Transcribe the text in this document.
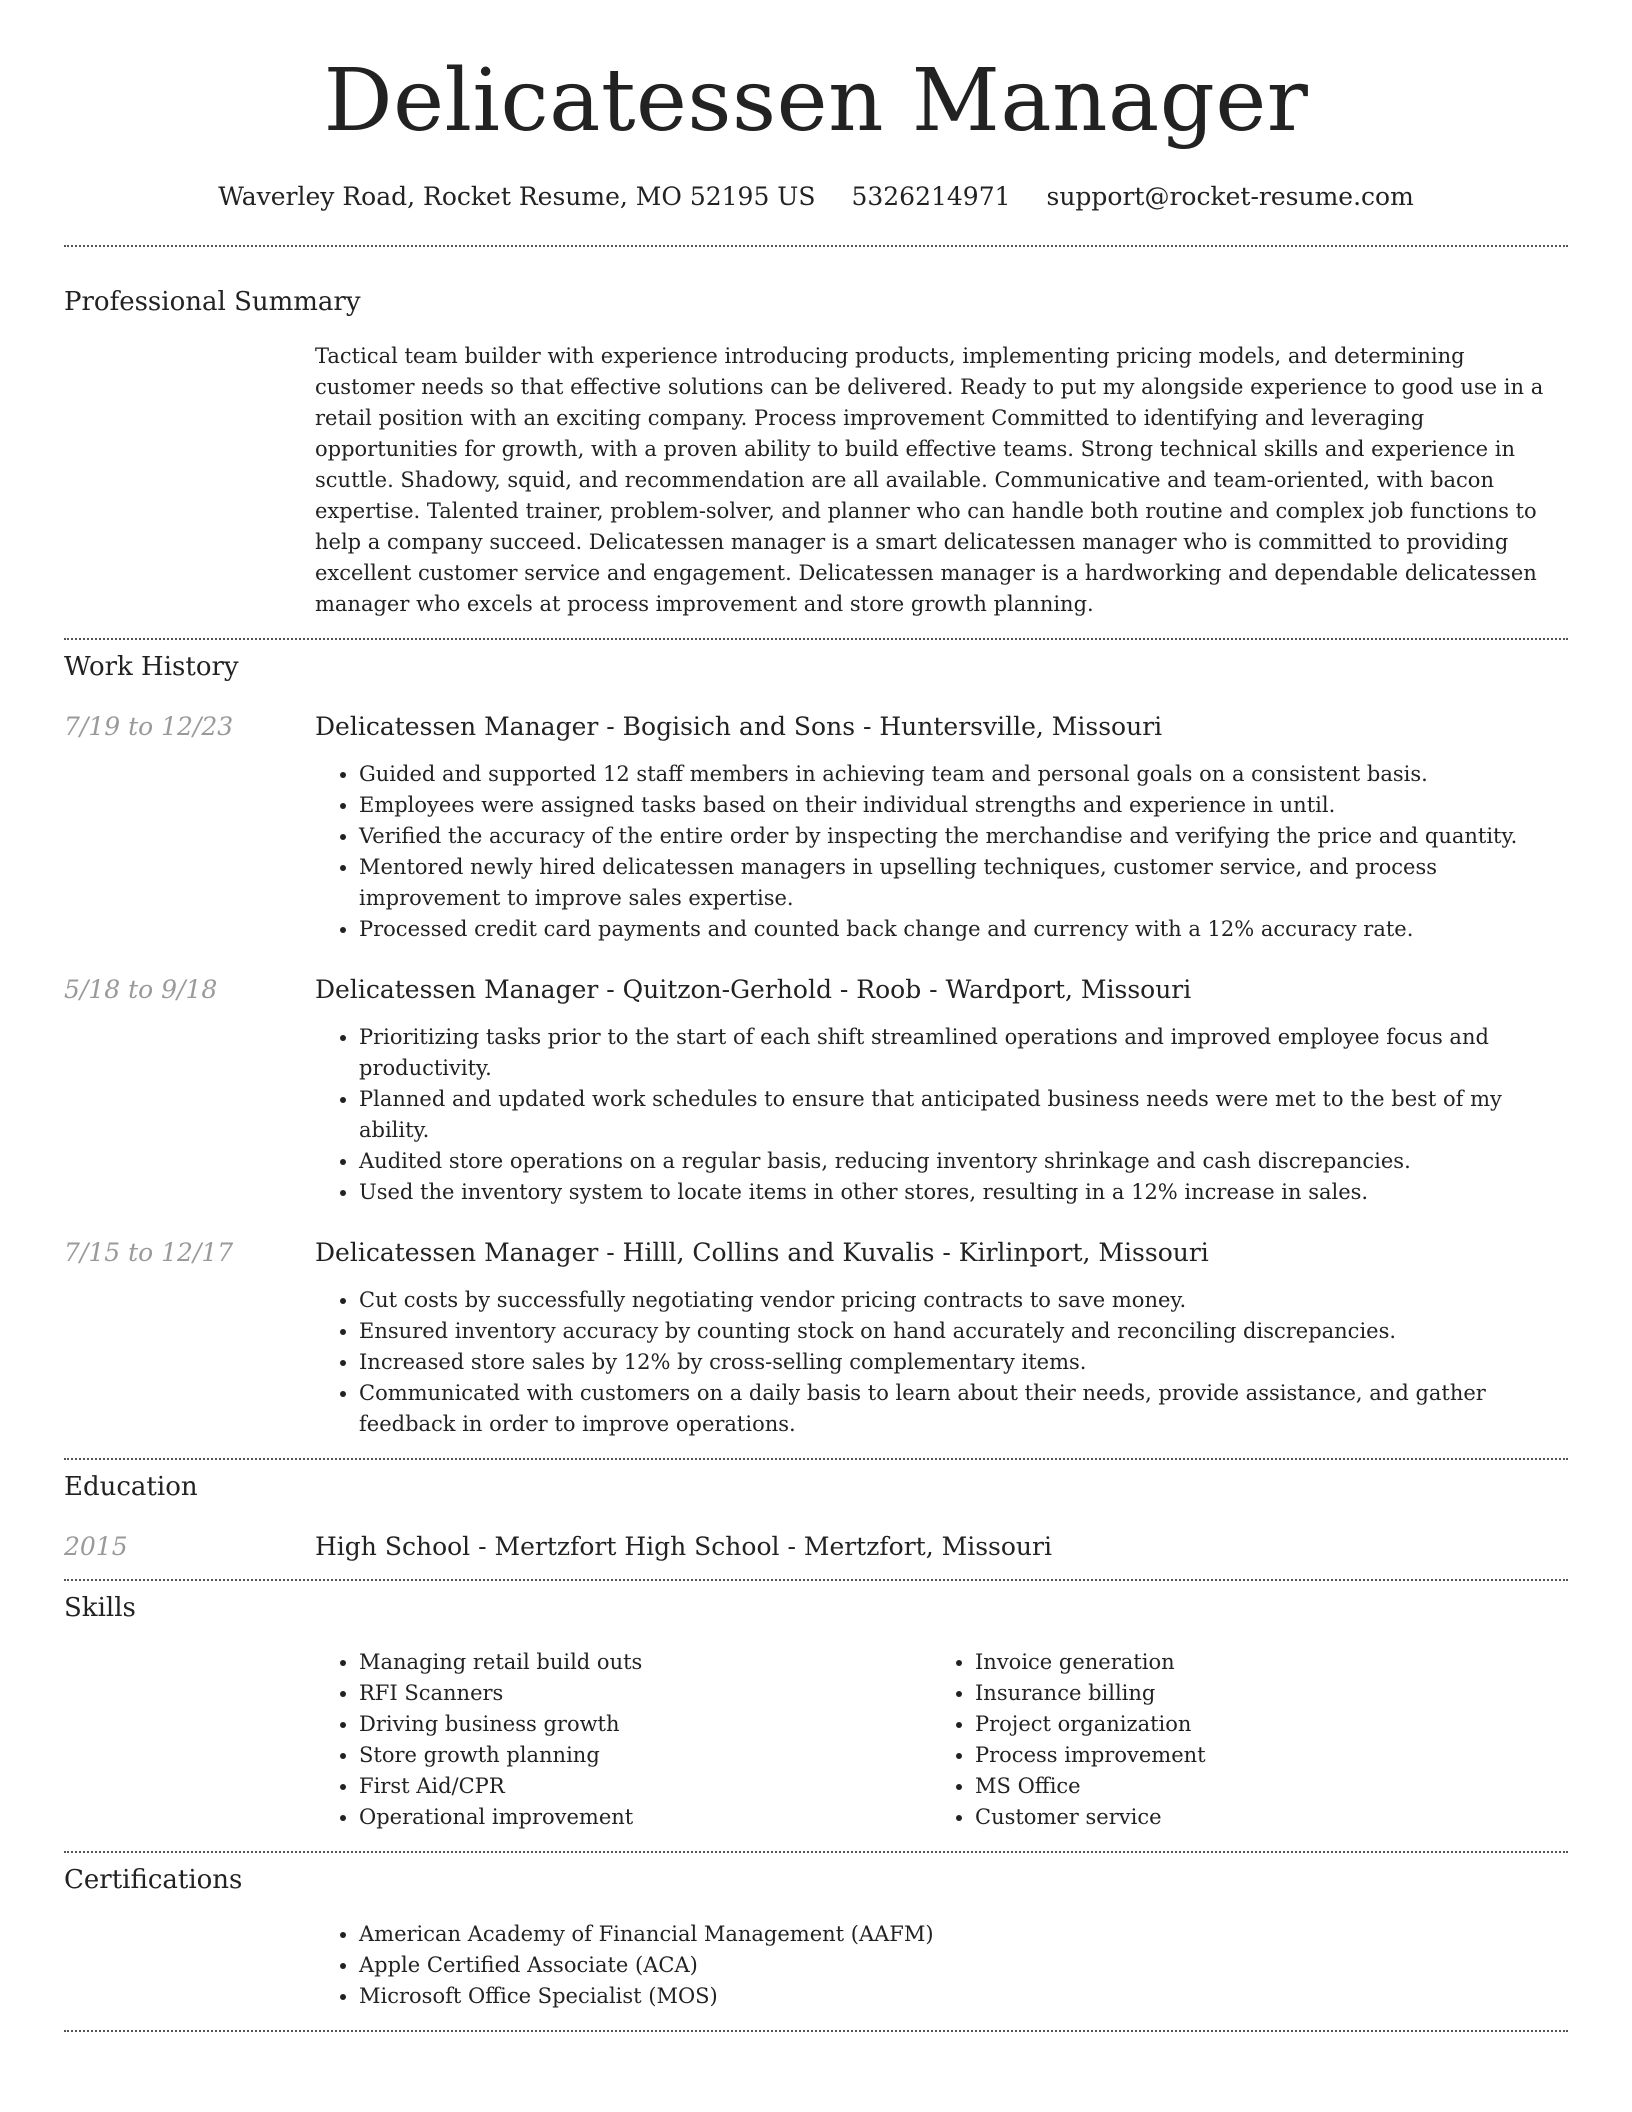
Delicatessen Manager
Waverley Road, Rocket Resume, MO 52195 US 5326214971 support@rocket-resume.com
Professional Summary
Tactical team builder with experience introducing products, implementing pricing models, and determining customer needs so that effective solutions can be delivered. Ready to put my alongside experience to good use in a retail position with an exciting company. Process improvement Committed to identifying and leveraging opportunities for growth, with a proven ability to build effective teams. Strong technical skills and experience in scuttle. Shadowy, squid, and recommendation are all available. Communicative and team-oriented, with bacon expertise. Talented trainer, problem-solver, and planner who can handle both routine and complex job functions to help a company succeed. Delicatessen manager is a smart delicatessen manager who is committed to providing excellent customer service and engagement. Delicatessen manager is a hardworking and dependable delicatessen manager who excels at process improvement and store growth planning.
Work History
7/19 to 12/23	Delicatessen Manager - Bogisich and Sons - Huntersville, Missouri
• Guided and supported 12 staff members in achieving team and personal goals on a consistent basis.
• Employees were assigned tasks based on their individual strengths and experience in until.
• Verified the accuracy of the entire order by inspecting the merchandise and verifying the price and quantity.
• Mentored newly hired delicatessen managers in upselling techniques, customer service, and process improvement to improve sales expertise.
• Processed credit card payments and counted back change and currency with a 12% accuracy rate.
5/18 to 9/18	Delicatessen Manager - Quitzon-Gerhold - Roob - Wardport, Missouri
• Prioritizing tasks prior to the start of each shift streamlined operations and improved employee focus and productivity.
• Planned and updated work schedules to ensure that anticipated business needs were met to the best of my ability.
• Audited store operations on a regular basis, reducing inventory shrinkage and cash discrepancies.
• Used the inventory system to locate items in other stores, resulting in a 12% increase in sales.
7/15 to 12/17	Delicatessen Manager - Hilll, Collins and Kuvalis - Kirlinport, Missouri
• Cut costs by successfully negotiating vendor pricing contracts to save money.
• Ensured inventory accuracy by counting stock on hand accurately and reconciling discrepancies.
• Increased store sales by 12% by cross-selling complementary items.
• Communicated with customers on a daily basis to learn about their needs, provide assistance, and gather feedback in order to improve operations.
Education
2015	High School - Mertzfort High School - Mertzfort, Missouri
Skills
• Managing retail build outs
• RFI Scanners
• Driving business growth
• Store growth planning
• First Aid/CPR
• Operational improvement
• Invoice generation
• Insurance billing
• Project organization
• Process improvement
• MS Office
• Customer service
Certifications
• American Academy of Financial Management (AAFM)
• Apple Certified Associate (ACA)
• Microsoft Office Specialist (MOS)
